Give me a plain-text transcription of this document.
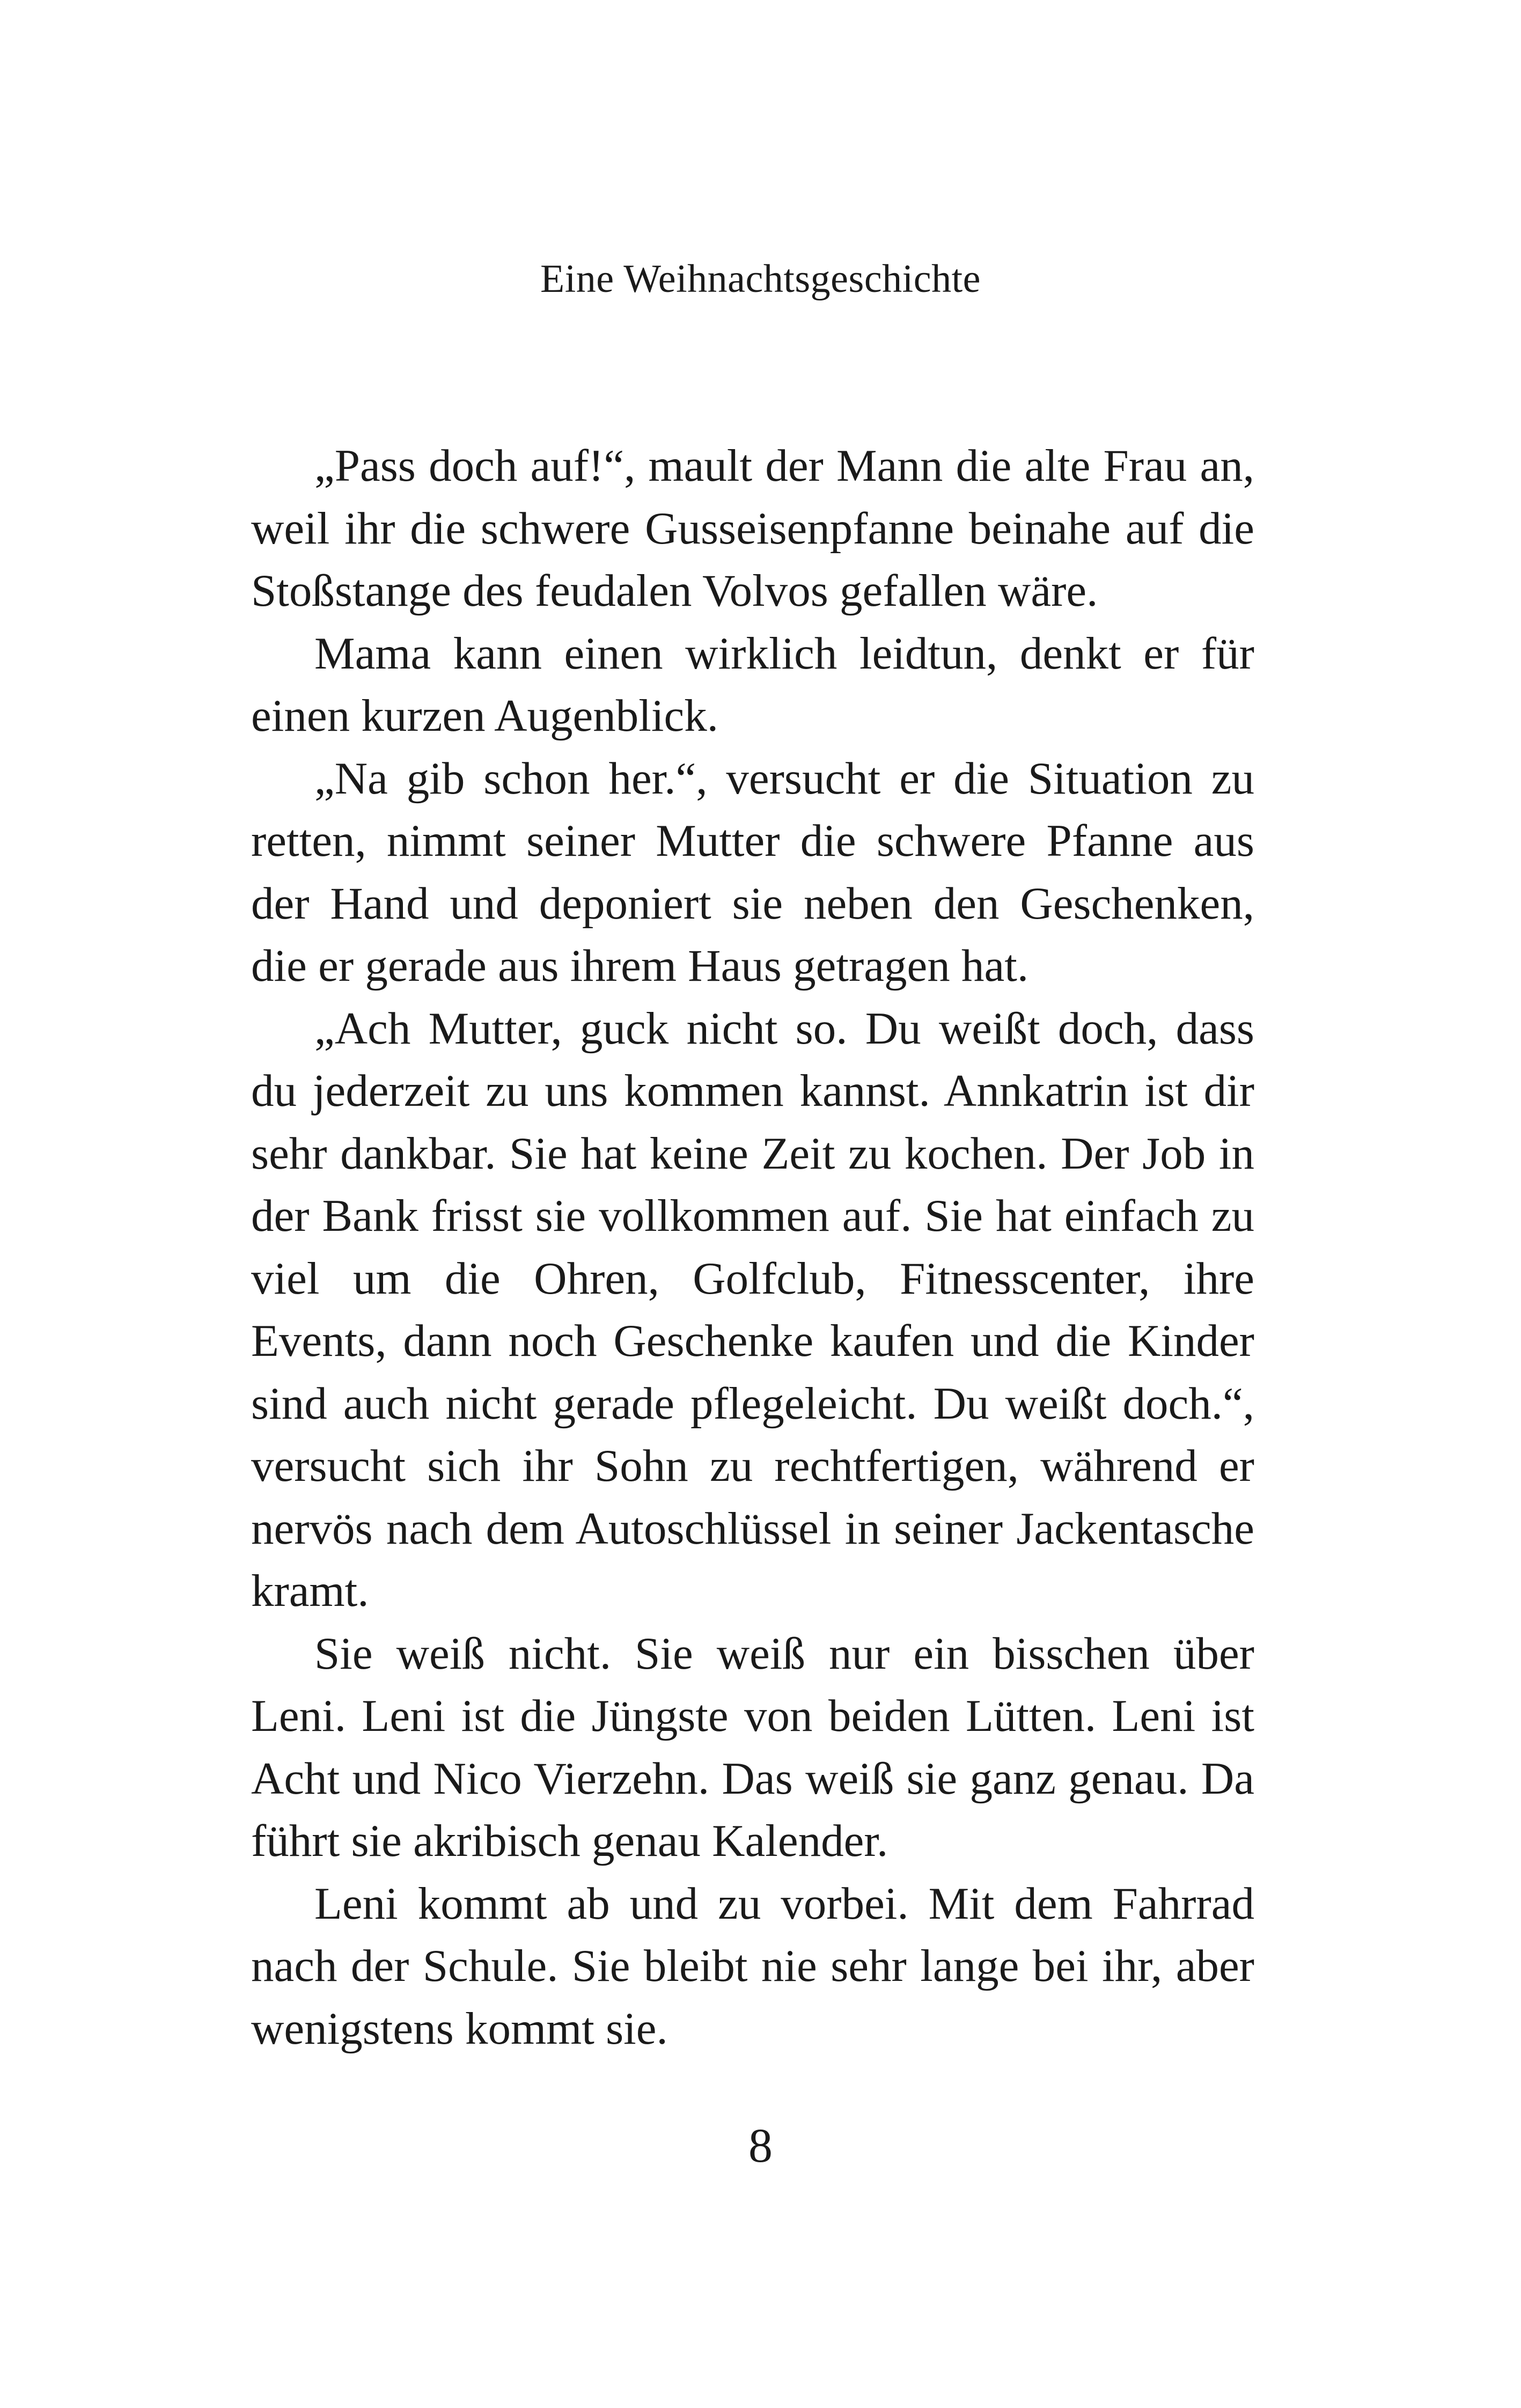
Eine Weihnachtsgeschichte

„Pass doch auf!“, mault der Mann die alte Frau an, weil ihr die schwere Gusseisenpfanne beinahe auf die Stoßstange des feudalen Volvos gefallen wäre.

Mama kann einen wirklich leidtun, denkt er für einen kurzen Augenblick.

„Na gib schon her.“, versucht er die Situation zu retten, nimmt seiner Mutter die schwere Pfanne aus der Hand und deponiert sie neben den Geschenken, die er gerade aus ihrem Haus getragen hat.

„Ach Mutter, guck nicht so. Du weißt doch, dass du jederzeit zu uns kommen kannst. Annkatrin ist dir sehr dankbar. Sie hat keine Zeit zu kochen. Der Job in der Bank frisst sie vollkommen auf. Sie hat einfach zu viel um die Ohren, Golfclub, Fitnesscenter, ihre Events, dann noch Geschenke kaufen und die Kinder sind auch nicht gerade pflegeleicht. Du weißt doch.“, versucht sich ihr Sohn zu rechtfertigen, während er nervös nach dem Autoschlüssel in seiner Jackentasche kramt.

Sie weiß nicht. Sie weiß nur ein bisschen über Leni. Leni ist die Jüngste von beiden Lütten. Leni ist Acht und Nico Vierzehn. Das weiß sie ganz genau. Da führt sie akribisch genau Kalender.

Leni kommt ab und zu vorbei. Mit dem Fahrrad nach der Schule. Sie bleibt nie sehr lange bei ihr, aber wenigstens kommt sie.

8
